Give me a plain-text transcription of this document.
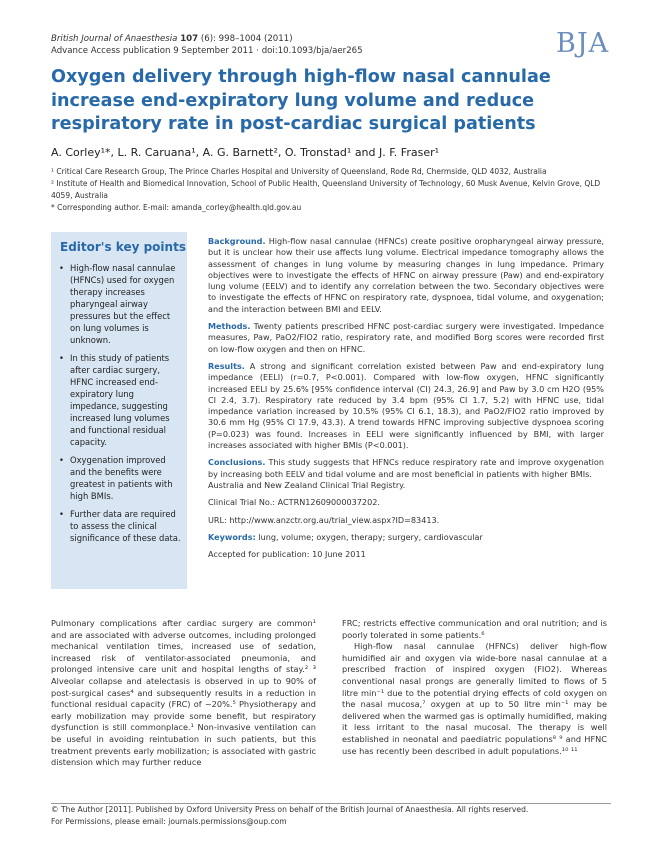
British Journal of Anaesthesia 107 (6): 998–1004 (2011)
Advance Access publication 9 September 2011 · doi:10.1093/bja/aer265	BJA
Oxygen delivery through high-flow nasal cannulae increase end-expiratory lung volume and reduce respiratory rate in post-cardiac surgical patients
A. Corley¹*, L. R. Caruana¹, A. G. Barnett², O. Tronstad¹ and J. F. Fraser¹

¹ Critical Care Research Group, The Prince Charles Hospital and University of Queensland, Rode Rd, Chermside, QLD 4032, Australia

² Institute of Health and Biomedical Innovation, School of Public Health, Queensland University of Technology, 60 Musk Avenue, Kelvin Grove, QLD 4059, Australia

* Corresponding author. E-mail: amanda_corley@health.qld.gov.au

Editor's key points
• High-flow nasal cannulae (HFNCs) used for oxygen therapy increases pharyngeal airway pressures but the effect on lung volumes is unknown.
• In this study of patients after cardiac surgery, HFNC increased end-expiratory lung impedance, suggesting increased lung volumes and functional residual capacity.
• Oxygenation improved and the benefits were greatest in patients with high BMIs.
• Further data are required to assess the clinical significance of these data.

Background. High-flow nasal cannulae (HFNCs) create positive oropharyngeal airway pressure, but it is unclear how their use affects lung volume. Electrical impedance tomography allows the assessment of changes in lung volume by measuring changes in lung impedance. Primary objectives were to investigate the effects of HFNC on airway pressure (Paw) and end-expiratory lung volume (EELV) and to identify any correlation between the two. Secondary objectives were to investigate the effects of HFNC on respiratory rate, dyspnoea, tidal volume, and oxygenation; and the interaction between BMI and EELV.

Methods. Twenty patients prescribed HFNC post-cardiac surgery were investigated. Impedance measures, Paw, PaO2/FIO2 ratio, respiratory rate, and modified Borg scores were recorded first on low-flow oxygen and then on HFNC.

Results. A strong and significant correlation existed between Paw and end-expiratory lung impedance (EELI) (r=0.7, P<0.001). Compared with low-flow oxygen, HFNC significantly increased EELI by 25.6% [95% confidence interval (CI) 24.3, 26.9] and Paw by 3.0 cm H2O (95% CI 2.4, 3.7). Respiratory rate reduced by 3.4 bpm (95% CI 1.7, 5.2) with HFNC use, tidal impedance variation increased by 10.5% (95% CI 6.1, 18.3), and PaO2/FIO2 ratio improved by 30.6 mm Hg (95% CI 17.9, 43.3). A trend towards HFNC improving subjective dyspnoea scoring (P=0.023) was found. Increases in EELI were significantly influenced by BMI, with larger increases associated with higher BMIs (P<0.001).

Conclusions. This study suggests that HFNCs reduce respiratory rate and improve oxygenation by increasing both EELV and tidal volume and are most beneficial in patients with higher BMIs.

Australia and New Zealand Clinical Trial Registry.

Clinical Trial No.: ACTRN12609000037202.

URL: http://www.anzctr.org.au/trial_view.aspx?ID=83413.

Keywords: lung, volume; oxygen, therapy; surgery, cardiovascular

Accepted for publication: 10 June 2011

Pulmonary complications after cardiac surgery are common¹ and are associated with adverse outcomes, including prolonged mechanical ventilation times, increased use of sedation, increased risk of ventilator-associated pneumonia, and prolonged intensive care unit and hospital lengths of stay.² ³ Alveolar collapse and atelectasis is observed in up to 90% of post-surgical cases⁴ and subsequently results in a reduction in functional residual capacity (FRC) of ~20%.⁵ Physiotherapy and early mobilization may provide some benefit, but respiratory dysfunction is still commonplace.¹ Non-invasive ventilation can be useful in avoiding reintubation in such patients, but this treatment prevents early mobilization; is associated with gastric distension which may further reduce

FRC; restricts effective communication and oral nutrition; and is poorly tolerated in some patients.⁶

High-flow nasal cannulae (HFNCs) deliver high-flow humidified air and oxygen via wide-bore nasal cannulae at a prescribed fraction of inspired oxygen (FIO2). Whereas conventional nasal prongs are generally limited to flows of 5 litre min⁻¹ due to the potential drying effects of cold oxygen on the nasal mucosa,⁷ oxygen at up to 50 litre min⁻¹ may be delivered when the warmed gas is optimally humidified, making it less irritant to the nasal mucosal. The therapy is well established in neonatal and paediatric populations⁸ ⁹ and HFNC use has recently been described in adult populations.¹⁰ ¹¹

© The Author [2011]. Published by Oxford University Press on behalf of the British Journal of Anaesthesia. All rights reserved.

For Permissions, please email: journals.permissions@oup.com
